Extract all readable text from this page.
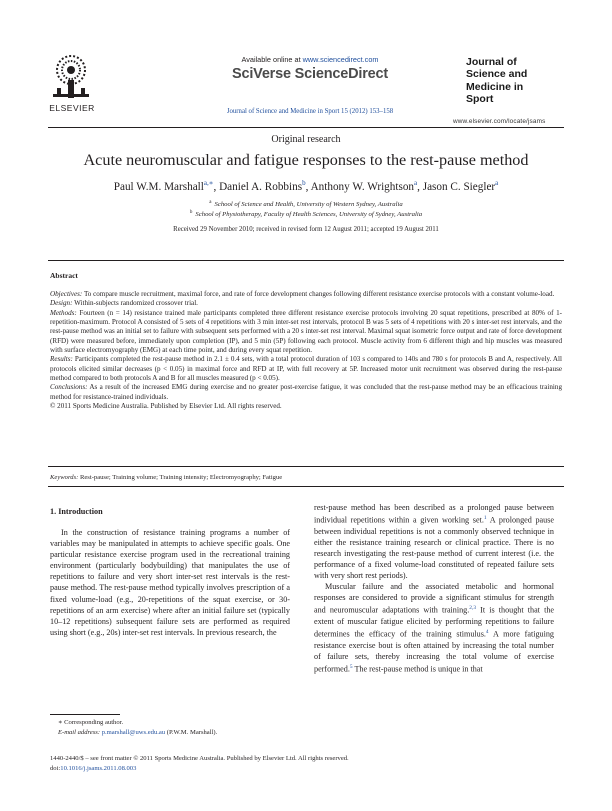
ELSEVIER
Available online at www.sciencedirect.com
SciVerse ScienceDirect
Journal of Science and Medicine in Sport 15 (2012) 153–158
Journal of
Science and
Medicine in
Sport
www.elsevier.com/locate/jsams
Original research
Acute neuromuscular and fatigue responses to the rest-pause method
Paul W.M. Marshall$^{a,∗}$, Daniel A. Robbins$^b$, Anthony W. Wrightson$^a$, Jason C. Siegler$^a$
$^a$ School of Science and Health, University of Western Sydney, Australia
$^b$ School of Physiotherapy, Faculty of Health Sciences, University of Sydney, Australia
Received 29 November 2010; received in revised form 12 August 2011; accepted 19 August 2011
Abstract

Objectives: To compare muscle recruitment, maximal force, and rate of force development changes following different resistance exercise protocols with a constant volume-load.

Design: Within-subjects randomized crossover trial.

Methods: Fourteen (n = 14) resistance trained male participants completed three different resistance exercise protocols involving 20 squat repetitions, prescribed at 80% of 1-repetition-maximum. Protocol A consisted of 5 sets of 4 repetitions with 3 min inter-set rest intervals, protocol B was 5 sets of 4 repetitions with 20 s inter-set rest intervals, and the rest-pause method was an initial set to failure with subsequent sets performed with a 20 s inter-set rest interval. Maximal squat isometric force output and rate of force development (RFD) were measured before, immediately upon completion (IP), and 5 min (5P) following each protocol. Muscle activity from 6 different thigh and hip muscles was measured with surface electromyography (EMG) at each time point, and during every squat repetition.

Results: Participants completed the rest-pause method in 2.1 ± 0.4 sets, with a total protocol duration of 103 s compared to 140s and 780 s for protocols B and A, respectively. All protocols elicited similar decreases (p < 0.05) in maximal force and RFD at IP, with full recovery at 5P. Increased motor unit recruitment was observed during the rest-pause method compared to both protocols A and B for all muscles measured (p < 0.05).

Conclusions: As a result of the increased EMG during exercise and no greater post-exercise fatigue, it was concluded that the rest-pause method may be an efficacious training method for resistance-trained individuals.

© 2011 Sports Medicine Australia. Published by Elsevier Ltd. All rights reserved.

Keywords: Rest-pause; Training volume; Training intensity; Electromyography; Fatigue
1. Introduction

In the construction of resistance training programs a number of variables may be manipulated in attempts to achieve specific goals. One particular resistance exercise program used in the recreational training environment (particularly bodybuilding) that manipulates the use of repetitions to failure and very short inter-set rest intervals is the rest-pause method. The rest-pause method typically involves prescription of a fixed volume-load (e.g., 20-repetitions of the squat exercise, or 30-repetitions of an arm exercise) where after an initial failure set (typically 10–12 repetitions) subsequent failure sets are performed as required using short (e.g., 20s) inter-set rest intervals. In previous research, the

rest-pause method has been described as a prolonged pause between individual repetitions within a given working set.$^1$ A prolonged pause between individual repetitions is not a commonly observed technique in either the resistance training research or clinical practice. There is no research investigating the rest-pause method of current interest (i.e. the performance of a fixed volume-load constituted of repeated failure sets with very short rest periods).

Muscular failure and the associated metabolic and hormonal responses are considered to provide a significant stimulus for strength and neuromuscular adaptations with training.$^{2,3}$ It is thought that the extent of muscular fatigue elicited by performing repetitions to failure determines the efficacy of the training stimulus.$^4$ A more fatiguing resistance exercise bout is often attained by increasing the total number of failure sets, thereby increasing the total volume of exercise performed.$^5$ The rest-pause method is unique in that

∗ Corresponding author.
E-mail address: p.marshall@uws.edu.au (P.W.M. Marshall).
1440-2440/$ – see front matter © 2011 Sports Medicine Australia. Published by Elsevier Ltd. All rights reserved.
doi:10.1016/j.jsams.2011.08.003
